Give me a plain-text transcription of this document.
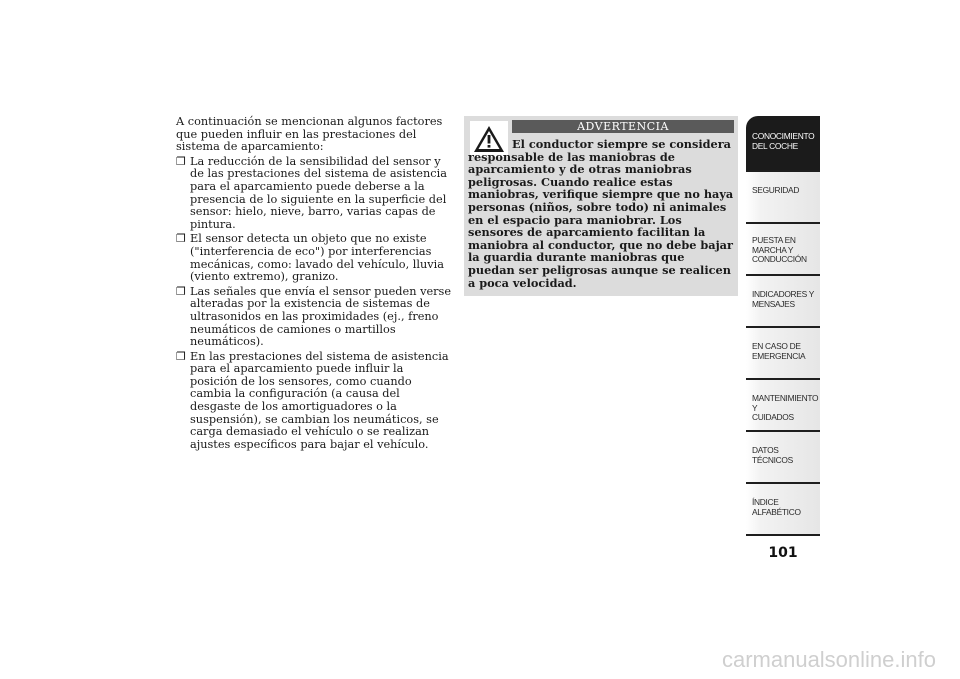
A continuación se mencionan algunos factores que pueden influir en las prestaciones del sistema de aparcamiento:

❐ La reducción de la sensibilidad del sensor y de las prestaciones del sistema de asistencia para el aparcamiento puede deberse a la presencia de lo siguiente en la superficie del sensor: hielo, nieve, barro, varias capas de pintura.
❐ El sensor detecta un objeto que no existe ("interferencia de eco") por interferencias mecánicas, como: lavado del vehículo, lluvia (viento extremo), granizo.
❐ Las señales que envía el sensor pueden verse alteradas por la existencia de sistemas de ultrasonidos en las proximidades (ej., freno neumáticos de camiones o martillos neumáticos).
❐ En las prestaciones del sistema de asistencia para el aparcamiento puede influir la posición de los sensores, como cuando cambia la configuración (a causa del desgaste de los amortiguadores o la suspensión), se cambian los neumáticos, se carga demasiado el vehículo o se realizan ajustes específicos para bajar el vehículo.
ADVERTENCIA
El conductor siempre se considera responsable de las maniobras de aparcamiento y de otras maniobras peligrosas. Cuando realice estas maniobras, verifique siempre que no haya personas (niños, sobre todo) ni animales en el espacio para maniobrar. Los sensores de aparcamiento facilitan la maniobra al conductor, que no debe bajar la guardia durante maniobras que puedan ser peligrosas aunque se realicen a poca velocidad.
CONOCIMIENTO
DEL COCHE
SEGURIDAD
PUESTA EN
MARCHA Y
CONDUCCIÓN
INDICADORES Y
MENSAJES
EN CASO DE
EMERGENCIA
MANTENIMIENTO Y
CUIDADOS
DATOS TÉCNICOS
ÍNDICE
ALFABÉTICO
101
carmanualsonline.info
